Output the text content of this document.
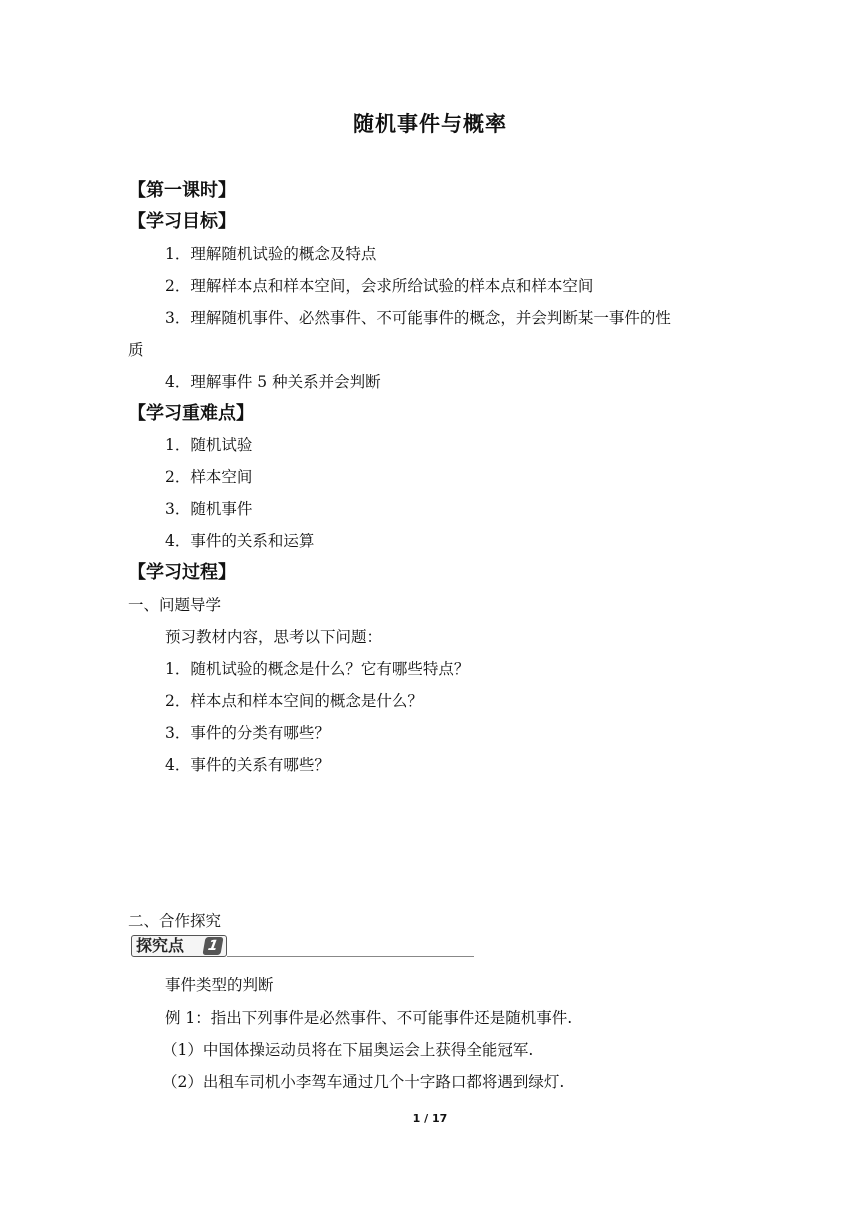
随机事件与概率
【第一课时】
【学习目标】
1．理解随机试验的概念及特点
2．理解样本点和样本空间，会求所给试验的样本点和样本空间
3．理解随机事件、必然事件、不可能事件的概念，并会判断某一事件的性
质
4．理解事件 5 种关系并会判断
【学习重难点】
1．随机试验
2．样本空间
3．随机事件
4．事件的关系和运算
【学习过程】
一、问题导学
预习教材内容，思考以下问题：
1．随机试验的概念是什么？它有哪些特点？
2．样本点和样本空间的概念是什么？
3．事件的分类有哪些？
4．事件的关系有哪些？
二、合作探究
探究点	1
事件类型的判断
例 1：指出下列事件是必然事件、不可能事件还是随机事件.
（1）中国体操运动员将在下届奥运会上获得全能冠军.
（2）出租车司机小李驾车通过几个十字路口都将遇到绿灯.
1 / 17
